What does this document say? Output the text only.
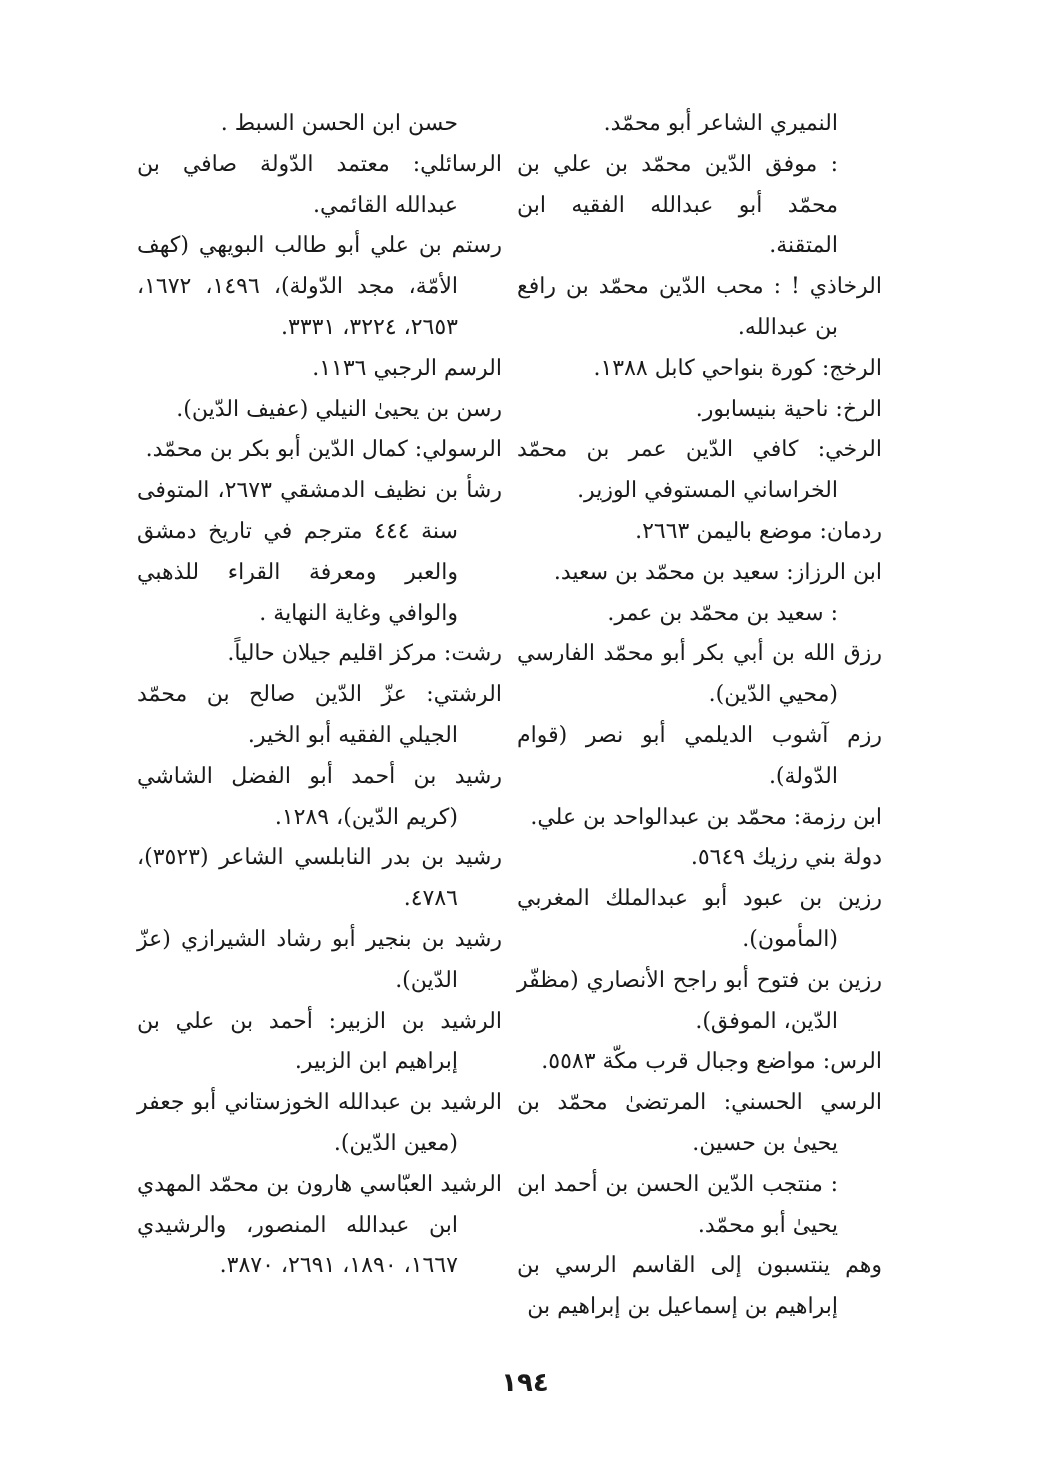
النميري الشاعر أبو محمّد.

: موفق الدّين محمّد بن علي بن محمّد أبو عبدالله الفقيه ابن المتقنة.

الرخاذي ! : محب الدّين محمّد بن رافع بن عبدالله.

الرخج: كورة بنواحي كابل ١٣٨٨.

الرخ: ناحية بنيسابور.

الرخي: كافي الدّين عمر بن محمّد الخراساني المستوفي الوزير.

ردمان: موضع باليمن ٢٦٦٣.

ابن الرزاز: سعيد بن محمّد بن سعيد.

: سعيد بن محمّد بن عمر.

رزق الله بن أبي بكر أبو محمّد الفارسي (محيي الدّين).

رزم آشوب الديلمي أبو نصر (قوام الدّولة).

ابن رزمة: محمّد بن عبدالواحد بن علي.

دولة بني رزيك ٥٦٤٩.

رزين بن عبود أبو عبدالملك المغربي (المأمون).

رزين بن فتوح أبو راجح الأنصاري (مظفّر الدّين، الموفق).

الرس: مواضع وجبال قرب مكّة ٥٥٨٣.

الرسي الحسني: المرتضىٰ محمّد بن يحيىٰ بن حسين.

: منتجب الدّين الحسن بن أحمد ابن يحيىٰ أبو محمّد.

وهم ينتسبون إلى القاسم الرسي بن إبراهيم بن إسماعيل بن إبراهيم بن

حسن ابن الحسن السبط .

الرسائلي: معتمد الدّولة صافي بن عبدالله القائمي.

رستم بن علي أبو طالب البويهي (كهف الأمّة، مجد الدّولة)، ١٤٩٦، ١٦٧٢، ٢٦٥٣، ٣٢٢٤، ٣٣٣١.

الرسم الرجبي ١١٣٦.

رسن بن يحيىٰ النيلي (عفيف الدّين).

الرسولي: كمال الدّين أبو بكر بن محمّد.

رشأ بن نظيف الدمشقي ٢٦٧٣، المتوفى سنة ٤٤٤ مترجم في تاريخ دمشق والعبر ومعرفة القراء للذهبي والوافي وغاية النهاية .

رشت: مركز اقليم جيلان حالياً.

الرشتي: عزّ الدّين صالح بن محمّد الجيلي الفقيه أبو الخير.

رشيد بن أحمد أبو الفضل الشاشي (كريم الدّين)، ١٢٨٩.

رشيد بن بدر النابلسي الشاعر (٣٥٢٣)، ٤٧٨٦.

رشيد بن بنجير أبو رشاد الشيرازي (عزّ الدّين).

الرشيد بن الزبير: أحمد بن علي بن إبراهيم ابن الزبير.

الرشيد بن عبدالله الخوزستاني أبو جعفر (معين الدّين).

الرشيد العبّاسي هارون بن محمّد المهدي ابن عبدالله المنصور، والرشيدي ١٦٦٧، ١٨٩٠، ٢٦٩١، ٣٨٧٠.

١٩٤
